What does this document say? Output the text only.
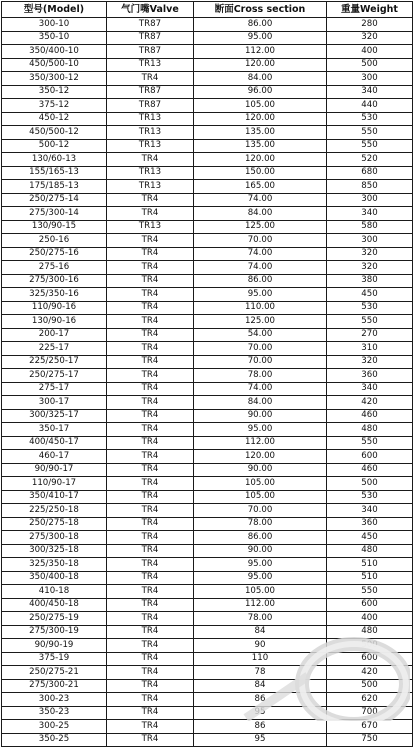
型号(Model)	气门嘴Valve	断面Cross section	重量Weight
300-10	TR87	86.00	280
350-10	TR87	95.00	320
350/400-10	TR87	112.00	400
450/500-10	TR13	120.00	500
350/300-12	TR4	84.00	300
350-12	TR87	96.00	340
375-12	TR87	105.00	440
450-12	TR13	120.00	530
450/500-12	TR13	135.00	550
500-12	TR13	135.00	550
130/60-13	TR4	120.00	520
155/165-13	TR13	150.00	680
175/185-13	TR13	165.00	850
250/275-14	TR4	74.00	300
275/300-14	TR4	84.00	340
130/90-15	TR13	125.00	580
250-16	TR4	70.00	300
250/275-16	TR4	74.00	320
275-16	TR4	74.00	320
275/300-16	TR4	86.00	380
325/350-16	TR4	95.00	450
110/90-16	TR4	110.00	530
130/90-16	TR4	125.00	550
200-17	TR4	54.00	270
225-17	TR4	70.00	310
225/250-17	TR4	70.00	320
250/275-17	TR4	78.00	360
275-17	TR4	74.00	340
300-17	TR4	84.00	420
300/325-17	TR4	90.00	460
350-17	TR4	95.00	480
400/450-17	TR4	112.00	550
460-17	TR4	120.00	600
90/90-17	TR4	90.00	460
110/90-17	TR4	105.00	500
350/410-17	TR4	105.00	530
225/250-18	TR4	70.00	340
250/275-18	TR4	78.00	360
275/300-18	TR4	86.00	450
300/325-18	TR4	90.00	480
325/350-18	TR4	95.00	510
350/400-18	TR4	95.00	510
410-18	TR4	105.00	550
400/450-18	TR4	112.00	600
250/275-19	TR4	78.00	400
275/300-19	TR4	84	480
90/90-19	TR4	90	500
375-19	TR4	110	600
250/275-21	TR4	78	420
275/300-21	TR4	84	500
300-23	TR4	86	620
350-23	TR4	95	700
300-25	TR4	86	670
350-25	TR4	95	750
